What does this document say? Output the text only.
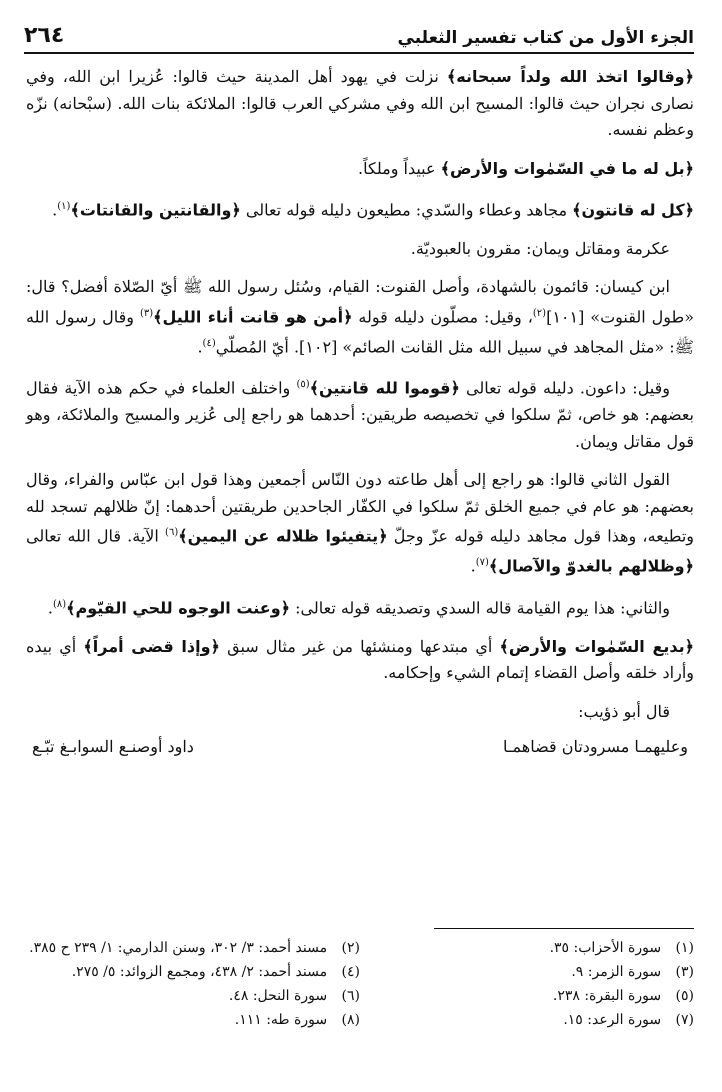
الجزء الأول من كتاب تفسير الثعلبي
٢٦٤

﴿وقالوا اتخذ الله ولداً سبحانه﴾ نزلت في يهود أهل المدينة حيث قالوا: عُزيرا ابن الله، وفي نصارى نجران حيث قالوا: المسيح ابن الله وفي مشركي العرب قالوا: الملائكة بنات الله. (سبْحانه) نزّه وعظم نفسه.

﴿بل له ما في السّمٰوات والأرض﴾ عبيداً وملكاً.

﴿كل له قانتون﴾ مجاهد وعطاء والسّدي: مطيعون دليله قوله تعالى ﴿والقانتين والقانتات﴾$^{(١)}$.

عكرمة ومقاتل ويمان: مقرون بالعبوديّة.

ابن كيسان: قائمون بالشهادة، وأصل القنوت: القيام، وسُئل رسول الله ﷺ أيّ الصّلاة أفضل؟ قال: «طول القنوت» [١٠١]$^{(٢)}$، وقيل: مصلّون دليله قوله ﴿أمن هو قانت أناء الليل﴾$^{(٣)}$ وقال رسول الله ﷺ: «مثل المجاهد في سبيل الله مثل القانت الصائم» [١٠٢]. أيّ المُصلّي$^{(٤)}$.

وقيل: داعون. دليله قوله تعالى ﴿قوموا لله قانتين﴾$^{(٥)}$ واختلف العلماء في حكم هذه الآية فقال بعضهم: هو خاص، ثمّ سلكوا في تخصيصه طريقين: أحدهما هو راجع إلى عُزير والمسيح والملائكة، وهو قول مقاتل ويمان.

القول الثاني قالوا: هو راجع إلى أهل طاعته دون النّاس أجمعين وهذا قول ابن عبّاس والفراء، وقال بعضهم: هو عام في جميع الخلق ثمّ سلكوا في الكفّار الجاحدين طريقتين أحدهما: إنّ ظلالهم تسجد لله وتطيعه، وهذا قول مجاهد دليله قوله عزّ وجلّ ﴿يتفيئوا ظلاله عن اليمين﴾$^{(٦)}$ الآية. قال الله تعالى ﴿وظلالهم بالغدوّ والآصال﴾$^{(٧)}$.

والثاني: هذا يوم القيامة قاله السدي وتصديقه قوله تعالى: ﴿وعنت الوجوه للحي القيّوم﴾$^{(٨)}$.

﴿بديع السّمٰوات والأرض﴾ أي مبتدعها ومنشئها من غير مثال سبق ﴿وإذا قضى أمراً﴾ أي بيده وأراد خلقه وأصل القضاء إتمام الشيء وإحكامه.

قال أبو ذؤيب:

وعليهمـا مسرودتان قضاهمـا
داود أوصنـع السوابـغ تبّـع
(١) سورة الأحزاب: ٣٥.
(٢) مسند أحمد: ٣/ ٣٠٢، وسنن الدارمي: ١/ ٢٣٩ ح ٣٨٥.
(٣) سورة الزمر: ٩.
(٤) مسند أحمد: ٢/ ٤٣٨، ومجمع الزوائد: ٥/ ٢٧٥.
(٥) سورة البقرة: ٢٣٨.
(٦) سورة النحل: ٤٨.
(٧) سورة الرعد: ١٥.
(٨) سورة طه: ١١١.
